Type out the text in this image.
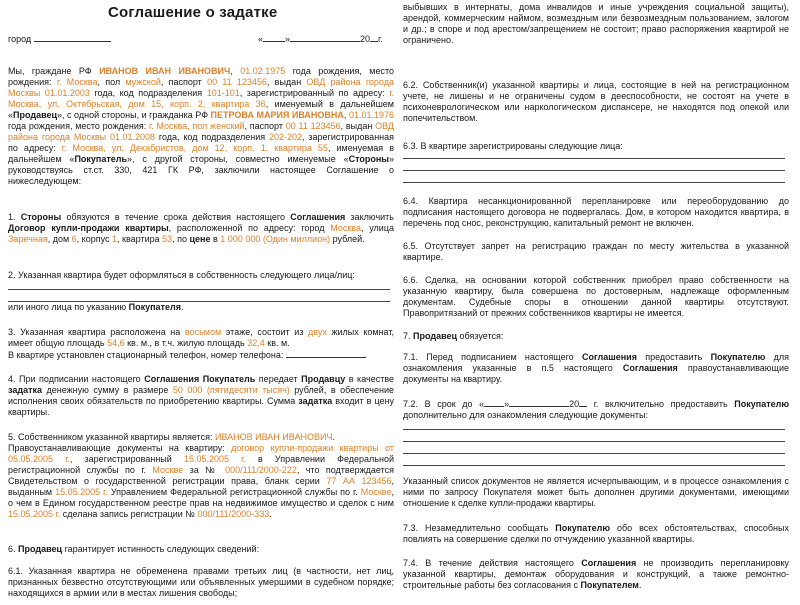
Соглашение о задатке

город	« »	20 г.

Мы, граждане РФ ИВАНОВ ИВАН ИВАНОВИЧ, 01.02.1975 года рождения, место рождения: г. Москва, пол мужской, паспорт 00 11 123456, выдан ОВД района города Москвы 01.01.2003 года, код подразделения 101-101, зарегистрированный по адресу: г. Москва, ул. Октябрьская, дом 15, корп. 2, квартира 36, именуемый в дальнейшем «Продавец», с одной стороны, и гражданка РФ ПЕТРОВА МАРИЯ ИВАНОВНА, 01.01.1976 года рождения, место рождения: г. Москва, пол женский, паспорт 00 11 123456, выдан ОВД района города Москвы 01.01.2008 года, код подразделения 202-202, зарегистрированная по адресу: г. Москва, ул. Декабристов, дом 12, корп. 1, квартира 55, именуемая в дальнейшем «Покупатель», с другой стороны, совместно именуемые «Стороны» руководствуясь ст.ст. 330, 421 ГК РФ, заключили настоящее Соглашение о нижеследующем:

1. Стороны обязуются в течение срока действия настоящего Соглашения заключить Договор купли-продажи квартиры, расположенной по адресу: город Москва, улица Заречная, дом 6, корпус 1, квартира 53, по цене в 1 000 000 (Один миллион) рублей.

2. Указанная квартира будет оформляться в собственность следующего лица/лиц:

или иного лица по указанию Покупателя.

3. Указанная квартира расположена на восьмом этаже, состоит из двух жилых комнат, имеет общую площадь 54,6 кв. м., в т.ч. жилую площадь 32,4 кв. м.
В квартире установлен стационарный телефон, номер телефона:

4. При подписании настоящего Соглашения Покупатель передает Продавцу в качестве задатка денежную сумму в размере 50 000 (пятидесяти тысяч) рублей, в обеспечение исполнения своих обязательств по приобретению квартиры. Сумма задатка входит в цену квартиры.

5. Собственником указанной квартиры является: ИВАНОВ ИВАН ИВАНОВИЧ.
Правоустанавливающие документы на квартиру: договор купли-продажи квартиры от 05.05.2005 г., зарегистрированный 15.05.2005 г. в Управлении Федеральной регистрационной службы по г. Москве за № 000/111/2000-222, что подтверждается Свидетельством о государственной регистрации права, бланк серии 77 АА 123456, выданным 15.05.2005 г. Управлением Федеральной регистрационной службы по г. Москве, о чем в Едином государственном реестре прав на недвижимое имущество и сделок с ним 15.05.2005 г. сделана запись регистрации № 000/111/2000-333.

6. Продавец гарантирует истинность следующих сведений:

6.1. Указанная квартира не обременена правами третьих лиц (в частности, нет лиц, признанных безвестно отсутствующими или объявленных умершими в судебном порядке; находящихся в армии или в местах лишения свободы;

выбывших в интернаты, дома инвалидов и иные учреждения социальной защиты), арендой, коммерческим наймом, возмездным или безвозмездным пользованием, залогом и др.; в споре и под арестом/запрещением не состоит; право распоряжения квартирой не ограничено.

6.2. Собственник(и) указанной квартиры и лица, состоящие в ней на регистрационном учете, не лишены и не ограничены судом в дееспособности, не состоят на учете в психоневрологическом или наркологическом диспансере, не находятся под опекой или попечительством.

6.3. В квартире зарегистрированы следующие лица:

6.4. Квартира несанкционированной перепланировке или переоборудованию до подписания настоящего договора не подвергалась. Дом, в котором находится квартира, в перечень под снос, реконструкцию, капитальный ремонт не включен.

6.5. Отсутствует запрет на регистрацию граждан по месту жительства в указанной квартире.

6.6. Сделка, на основании которой собственник приобрел право собственности на указанную квартиру, была совершена по достоверным, надлежаще оформленным документам. Судебные споры в отношении данной квартиры отсутствуют. Правопритязаний от прежних собственников квартиры не имеется.

7. Продавец обязуется:

7.1. Перед подписанием настоящего Соглашения предоставить Покупателю для ознакомления указанные в п.5 настоящего Соглашения правоустанавливающие документы на квартиру.

7.2. В срок до « »	20 г. включительно предоставить Покупателю дополнительно для ознакомления следующие документы:

Указанный список документов не является исчерпывающим, и в процессе ознакомления с ними по запросу Покупателя может быть дополнен другими документами, имеющими отношение к сделке купли-продажи квартиры.

7.3. Незамедлительно сообщать Покупателю обо всех обстоятельствах, способных повлиять на совершение сделки по отчуждению указанной квартиры.

7.4. В течение действия настоящего Соглашения не производить перепланировку указанной квартиры, демонтаж оборудования и конструкций, а также ремонтно-строительные работы без согласования с Покупателем.
